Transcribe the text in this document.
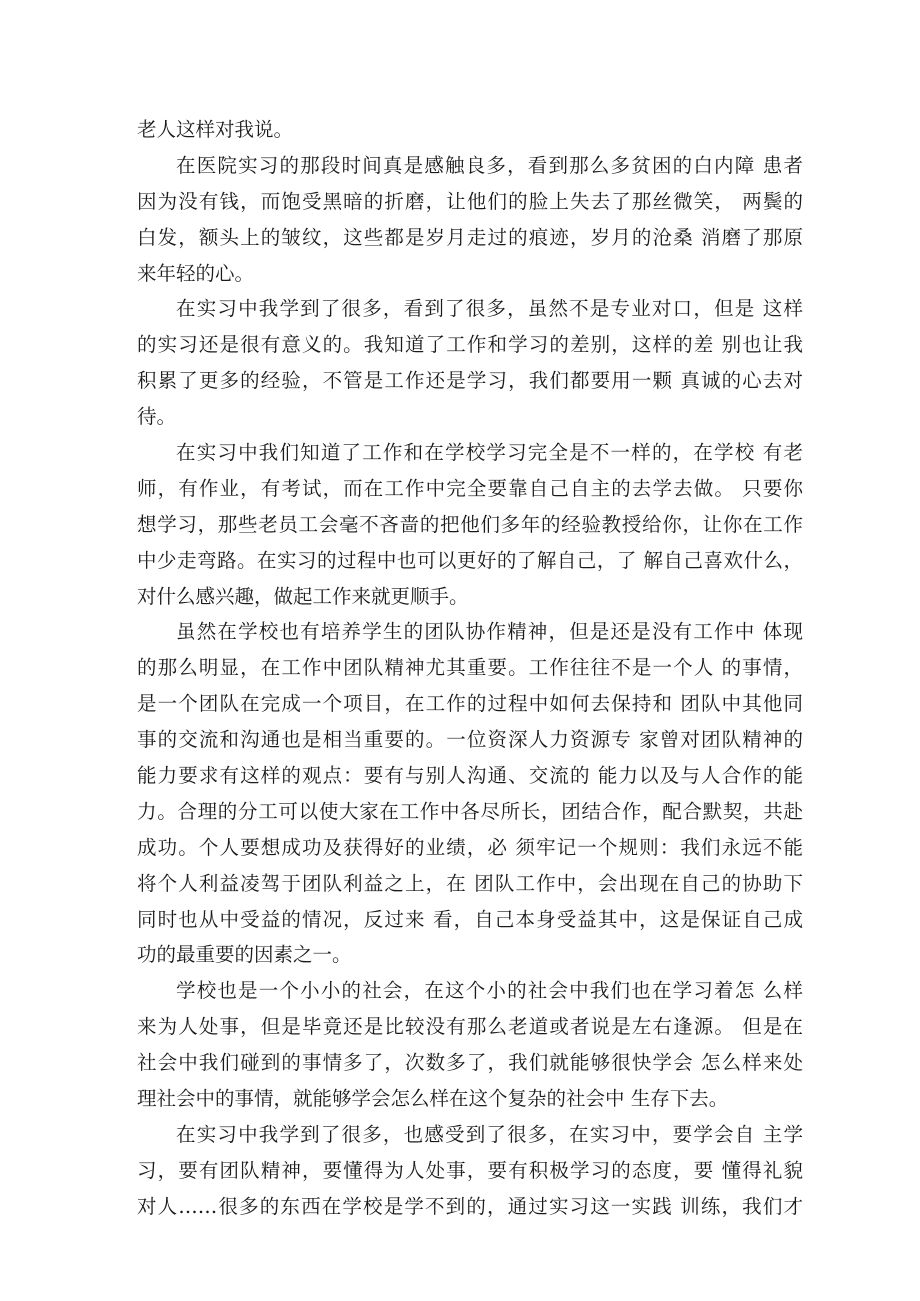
老人这样对我说。
在医院实习的那段时间真是感触良多，看到那么多贫困的白内障 患者
因为没有钱，而饱受黑暗的折磨，让他们的脸上失去了那丝微笑， 两鬓的
白发，额头上的皱纹，这些都是岁月走过的痕迹，岁月的沧桑 消磨了那原
来年轻的心。
在实习中我学到了很多，看到了很多，虽然不是专业对口，但是 这样
的实习还是很有意义的。我知道了工作和学习的差别，这样的差 别也让我
积累了更多的经验，不管是工作还是学习，我们都要用一颗 真诚的心去对
待。
在实习中我们知道了工作和在学校学习完全是不一样的，在学校 有老
师，有作业，有考试，而在工作中完全要靠自己自主的去学去做。 只要你
想学习，那些老员工会毫不吝啬的把他们多年的经验教授给你，让你在工作
中少走弯路。在实习的过程中也可以更好的了解自己，了 解自己喜欢什么，
对什么感兴趣，做起工作来就更顺手。
虽然在学校也有培养学生的团队协作精神，但是还是没有工作中 体现
的那么明显，在工作中团队精神尤其重要。工作往往不是一个人 的事情，
是一个团队在完成一个项目，在工作的过程中如何去保持和 团队中其他同
事的交流和沟通也是相当重要的。一位资深人力资源专 家曾对团队精神的
能力要求有这样的观点：要有与别人沟通、交流的 能力以及与人合作的能
力。合理的分工可以使大家在工作中各尽所长，团结合作，配合默契，共赴
成功。个人要想成功及获得好的业绩，必 须牢记一个规则：我们永远不能
将个人利益凌驾于团队利益之上，在 团队工作中，会出现在自己的协助下
同时也从中受益的情况，反过来 看，自己本身受益其中，这是保证自己成
功的最重要的因素之一。
学校也是一个小小的社会，在这个小的社会中我们也在学习着怎 么样
来为人处事，但是毕竟还是比较没有那么老道或者说是左右逢源。 但是在
社会中我们碰到的事情多了，次数多了，我们就能够很快学会 怎么样来处
理社会中的事情，就能够学会怎么样在这个复杂的社会中 生存下去。
在实习中我学到了很多，也感受到了很多，在实习中，要学会自 主学
习，要有团队精神，要懂得为人处事，要有积极学习的态度，要 懂得礼貌
对人……很多的东西在学校是学不到的，通过实习这一实践 训练，我们才
